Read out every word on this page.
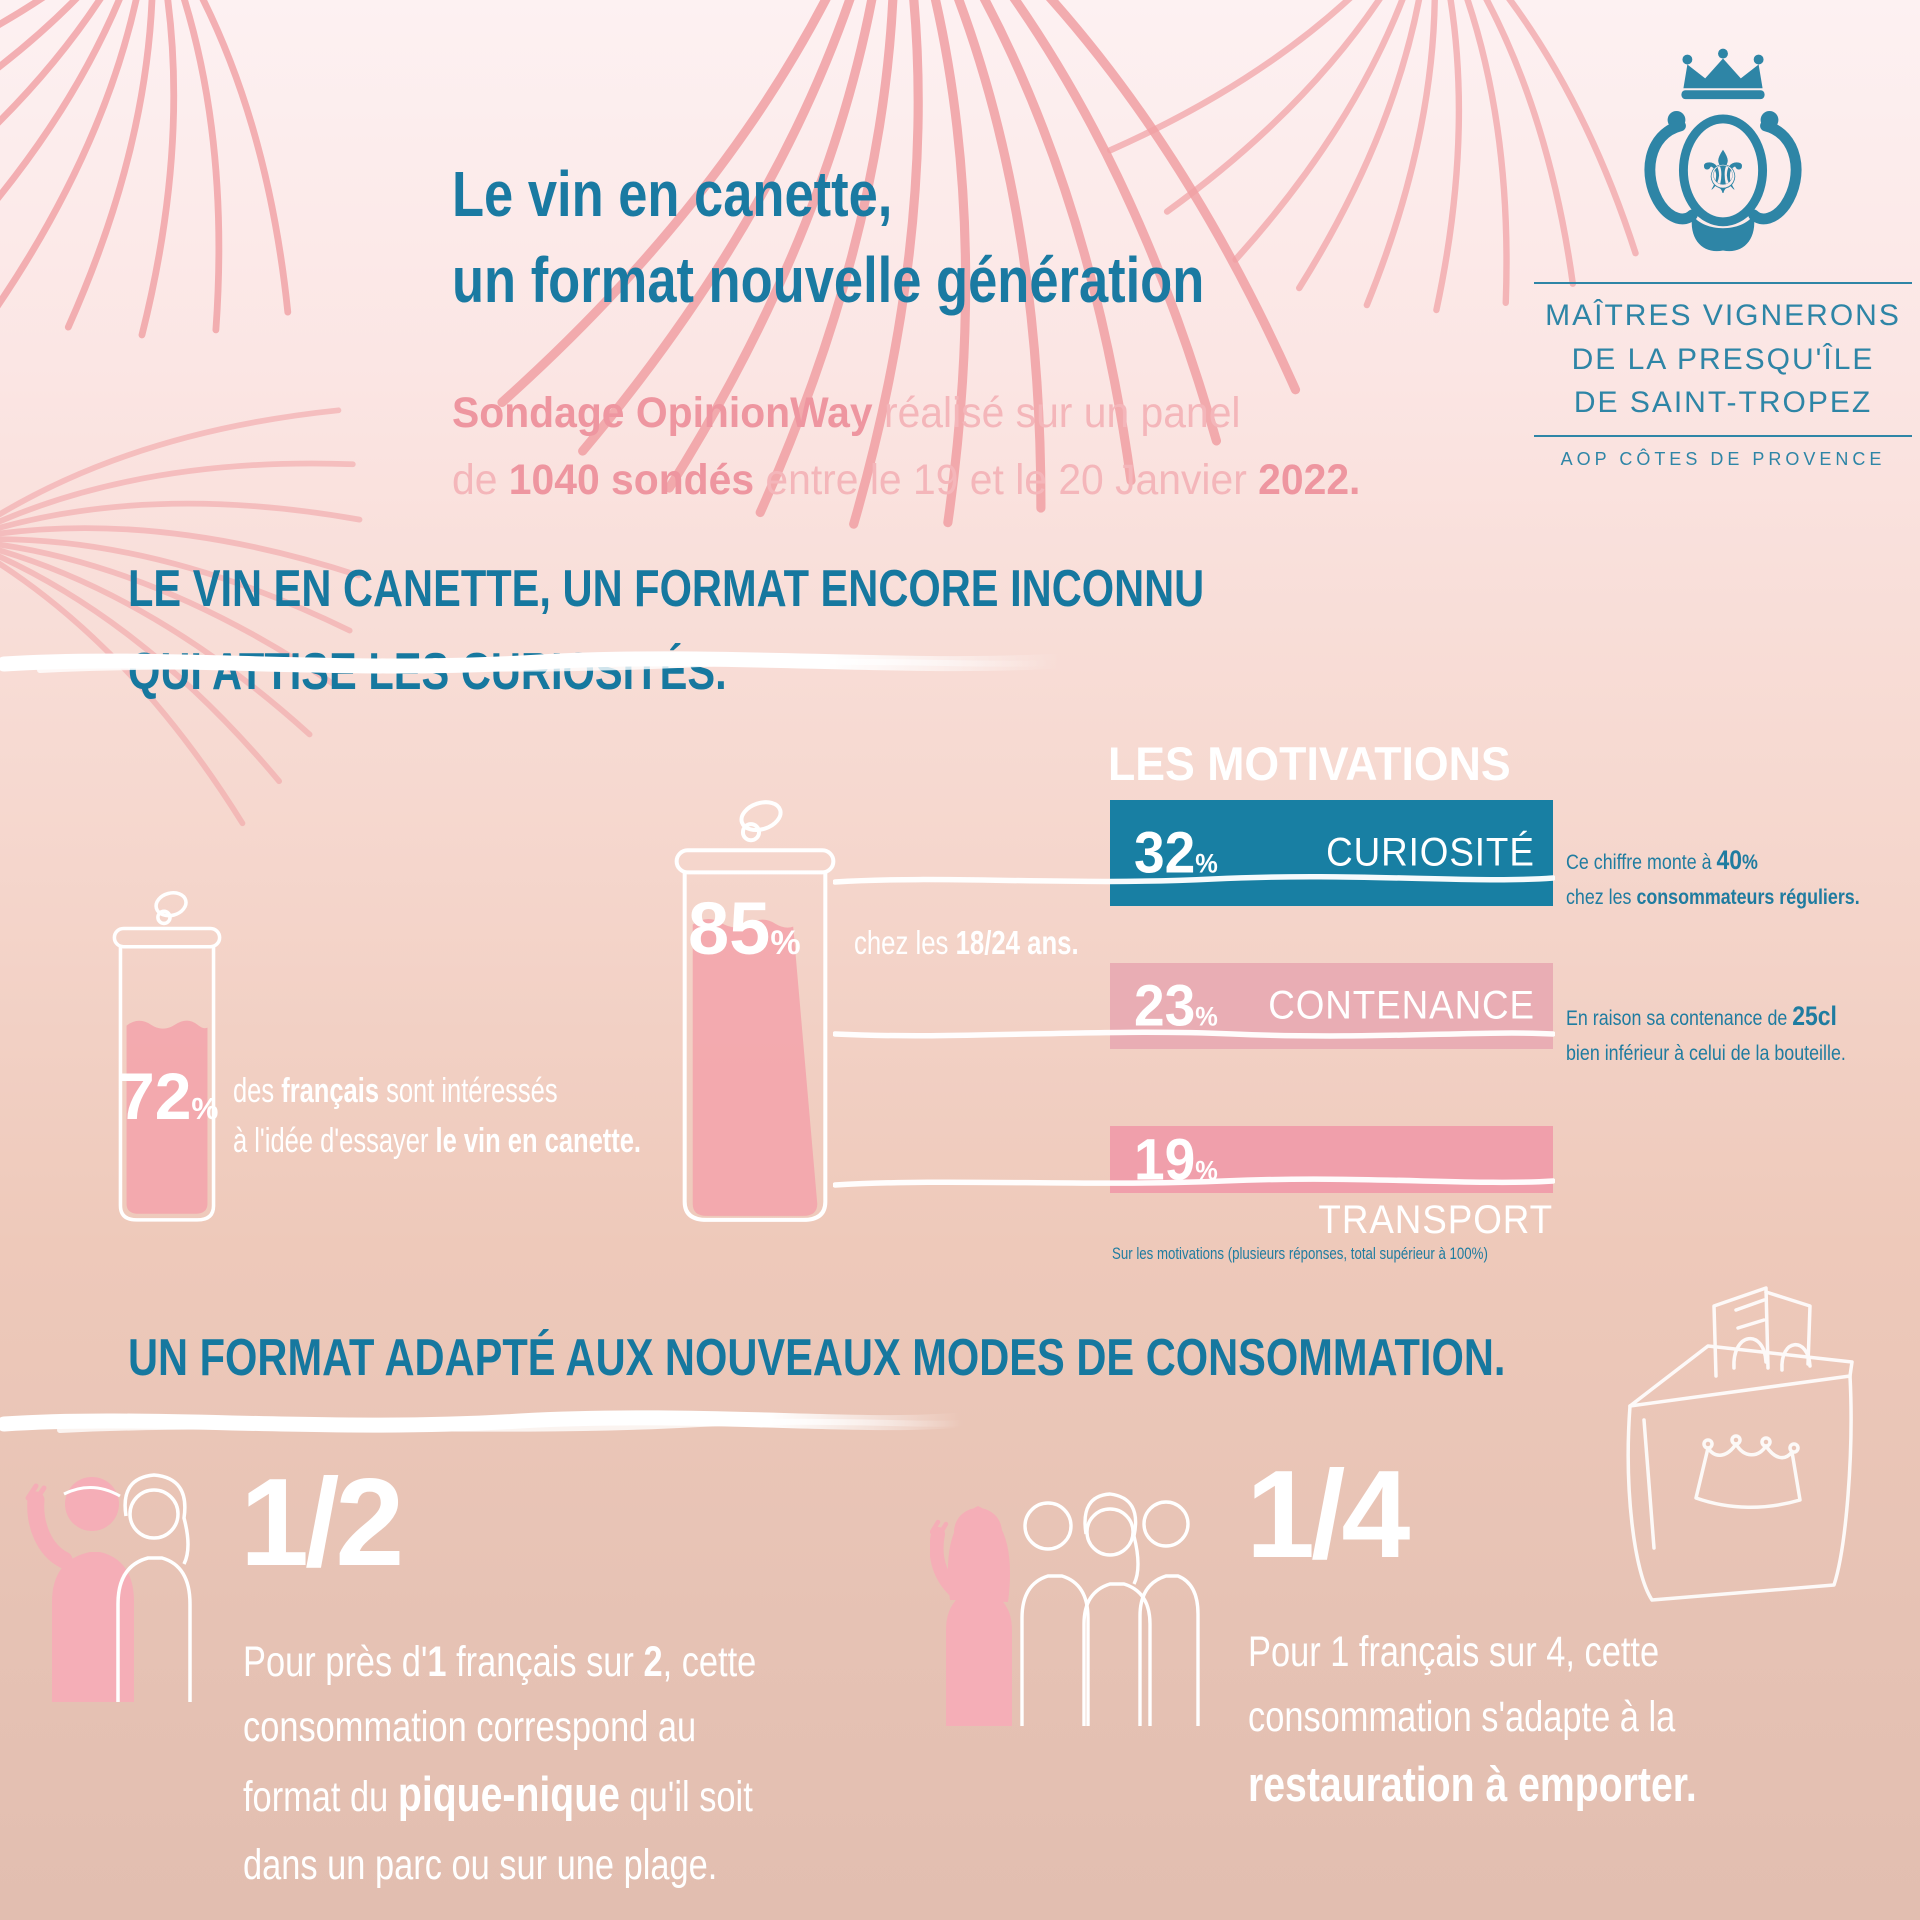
Le vin en canette,
un format nouvelle génération

Sondage OpinionWay réalisé sur un panel
de 1040 sondés entre le 19 et le 20 Janvier 2022.

⚜
MAÎTRES VIGNERONS
DE LA PRESQU'ÎLE
DE SAINT-TROPEZ
AOP CÔTES DE PROVENCE
LE VIN EN CANETTE, UN FORMAT ENCORE INCONNU
QUI ATTISE LES CURIOSITÉS.
72% des français sont intéressés
à l'idée d'essayer le vin en canette.

85% chez les 18/24 ans.

LES MOTIVATIONS
32%	CURIOSITÉ
23% CONTENANCE
19%
TRANSPORT

Ce chiffre monte à 40%
chez les consommateurs réguliers.

En raison sa contenance de 25cl
bien inférieur à celui de la bouteille.

Sur les motivations (plusieurs réponses, total supérieur à 100%)
UN FORMAT ADAPTÉ AUX NOUVEAUX MODES DE CONSOMMATION.
1/2

Pour près d'1 français sur 2, cette
consommation correspond au
format du pique-nique qu'il soit
dans un parc ou sur une plage.

1/4

Pour 1 français sur 4, cette
consommation s'adapte à la
restauration à emporter.
